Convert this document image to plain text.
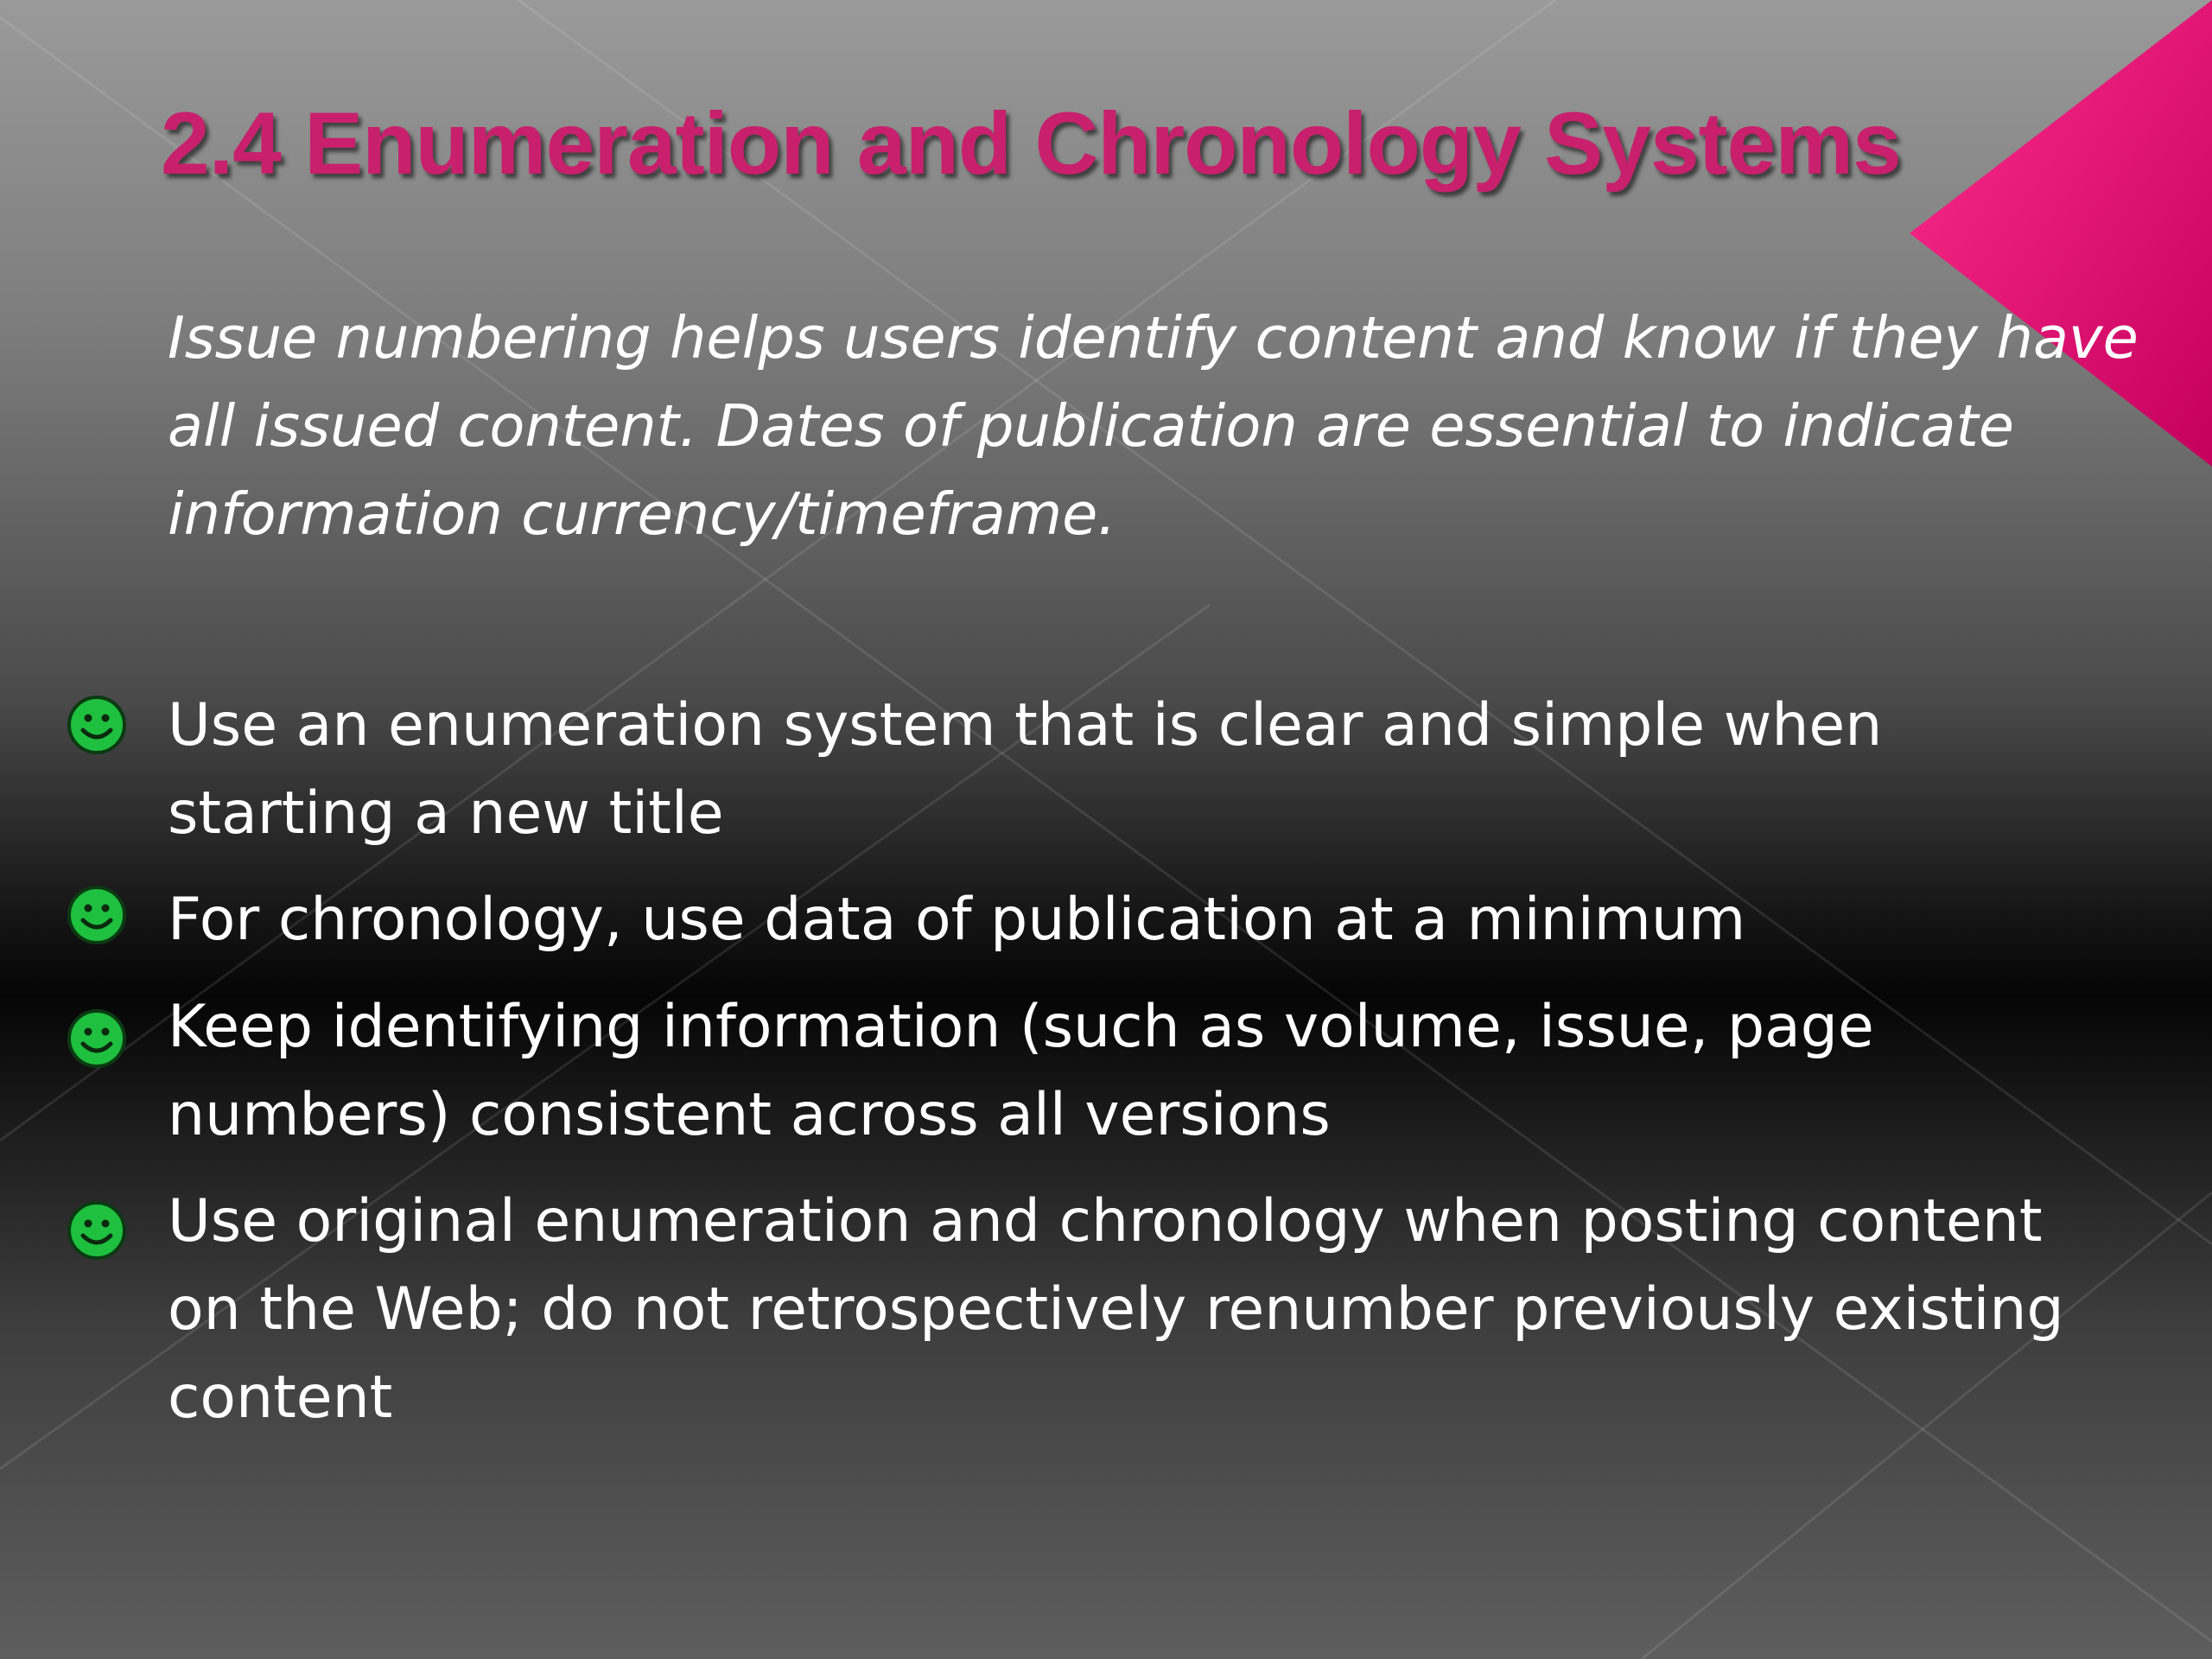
2.4 Enumeration and Chronology Systems

Issue numbering helps users identify content and know if they have all issued content. Dates of publication are essential to indicate information currency/timeframe.

Use an enumeration system that is clear and simple when starting a new title
For chronology, use data of publication at a minimum
Keep identifying information (such as volume, issue, page numbers) consistent across all versions
Use original enumeration and chronology when posting content on the Web; do not retrospectively renumber previously existing content
